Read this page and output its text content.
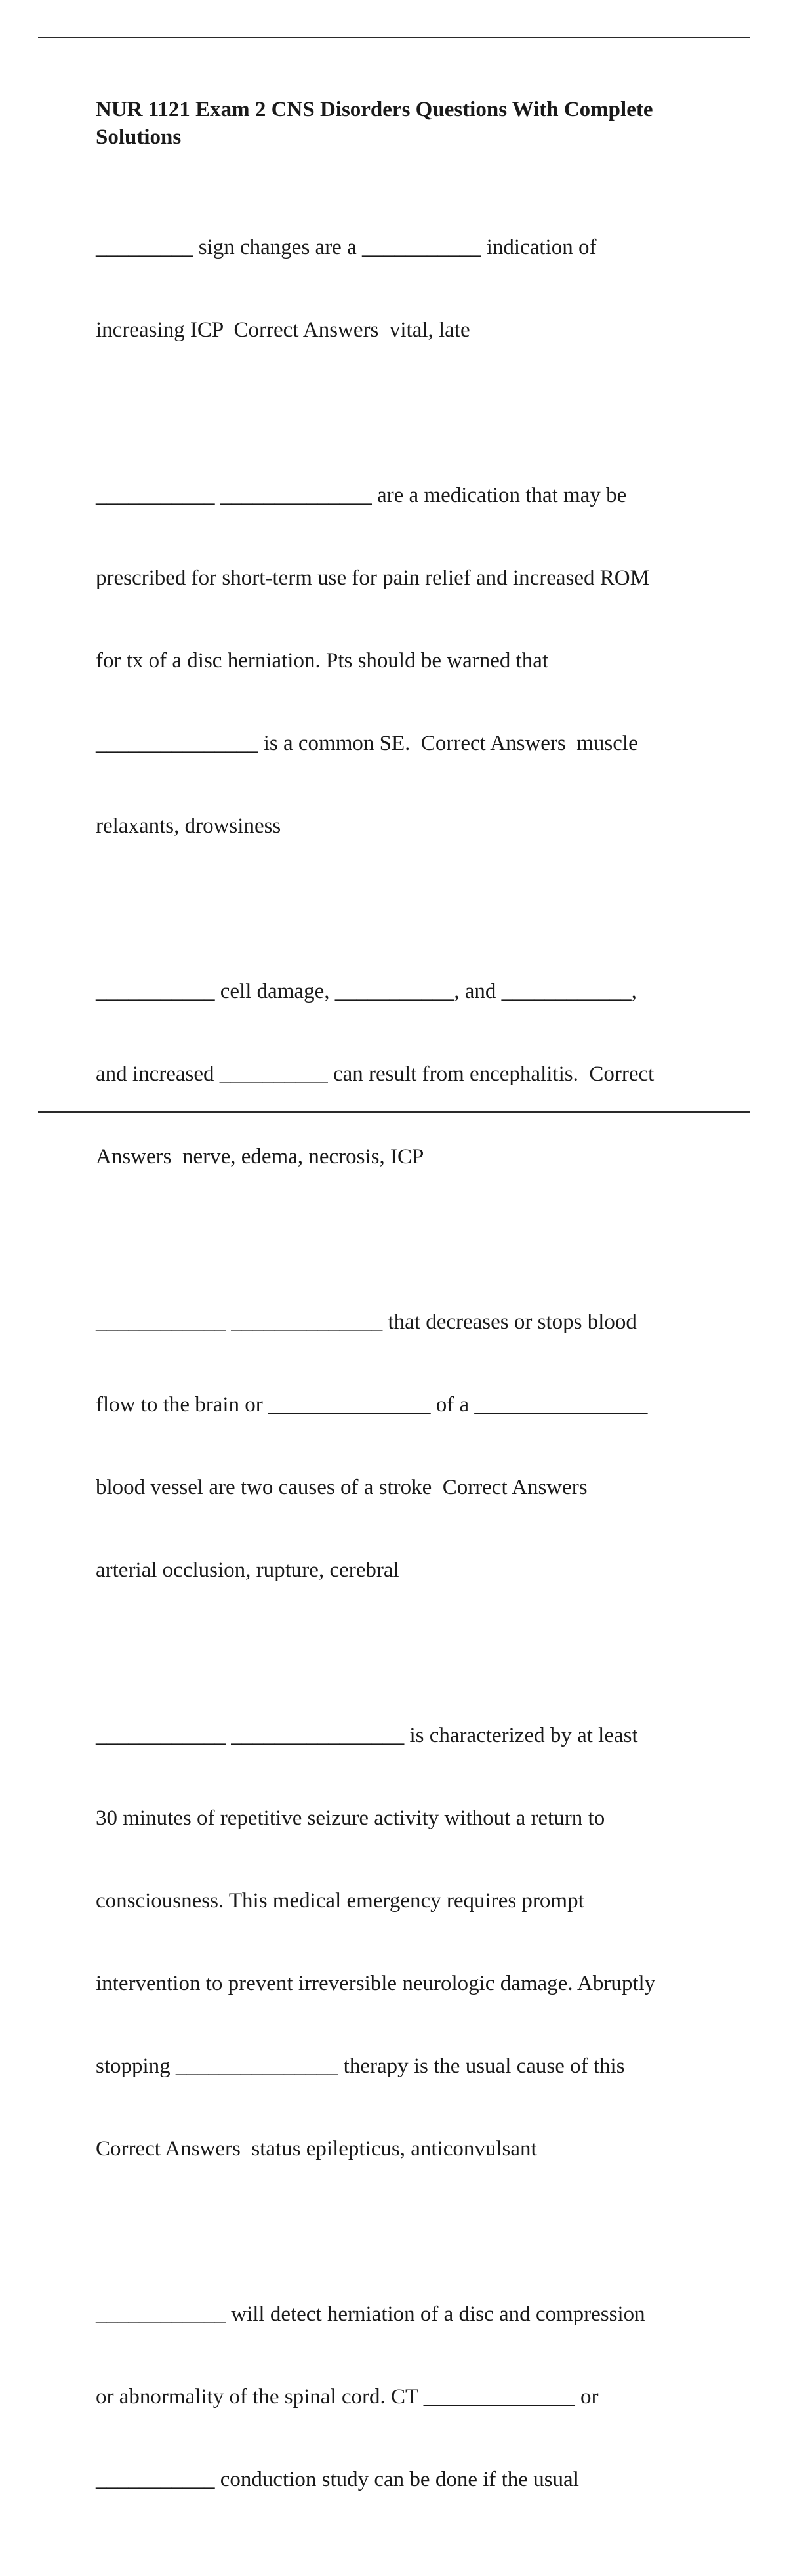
NUR 1121 Exam 2 CNS Disorders Questions With Complete Solutions

_________ sign changes are a ___________ indication of

increasing ICP  Correct Answers  vital, late

___________ ______________ are a medication that may be

prescribed for short-term use for pain relief and increased ROM

for tx of a disc herniation. Pts should be warned that

_______________ is a common SE.  Correct Answers  muscle

relaxants, drowsiness

___________ cell damage, ___________, and ____________,

and increased __________ can result from encephalitis.  Correct

Answers  nerve, edema, necrosis, ICP

____________ ______________ that decreases or stops blood

flow to the brain or _______________ of a ________________

blood vessel are two causes of a stroke  Correct Answers

arterial occlusion, rupture, cerebral

____________ ________________ is characterized by at least

30 minutes of repetitive seizure activity without a return to

consciousness. This medical emergency requires prompt

intervention to prevent irreversible neurologic damage. Abruptly

stopping _______________ therapy is the usual cause of this

Correct Answers  status epilepticus, anticonvulsant

____________ will detect herniation of a disc and compression

or abnormality of the spinal cord. CT ______________ or

___________ conduction study can be done if the usual
